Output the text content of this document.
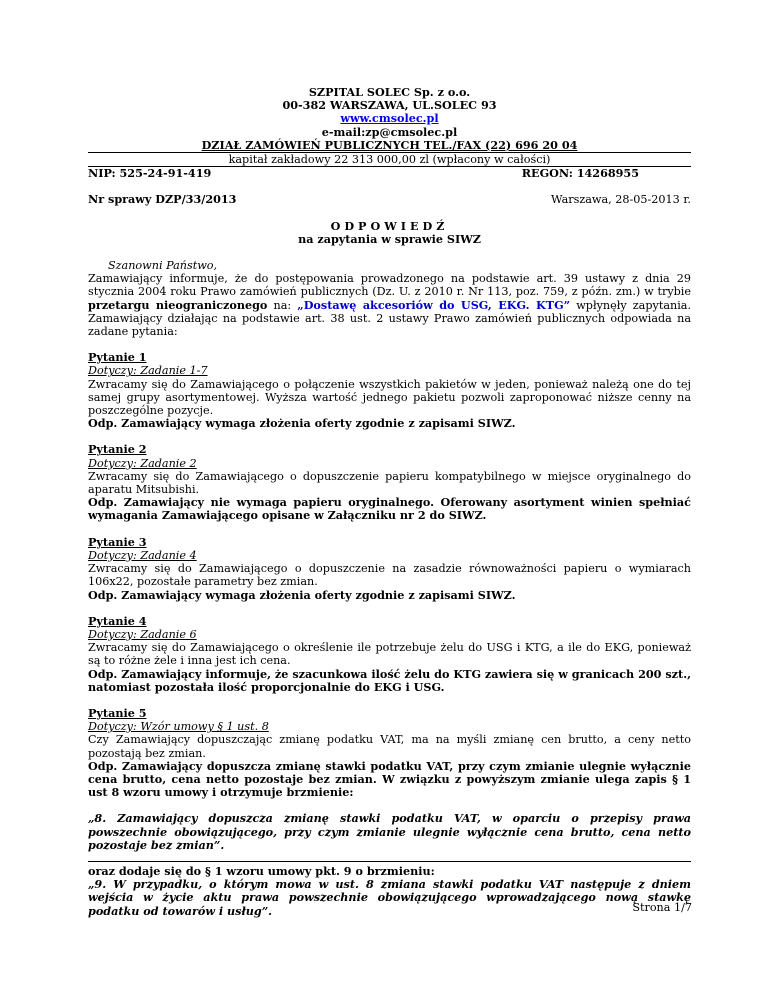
SZPITAL SOLEC Sp. z o.o.
00-382 WARSZAWA, UL.SOLEC 93
www.cmsolec.pl
e-mail:zp@cmsolec.pl
DZIAŁ ZAMÓWIEŃ PUBLICZNYCH TEL./FAX (22) 696 20 04
kapitał zakładowy 22 313 000,00 zl (wpłacony w całości)
NIP: 525-24-91-419	REGON: 14268955
Nr sprawy DZP/33/2013	Warszawa, 28-05-2013 r.
ODPOWIEDŹ
na zapytania w sprawie SIWZ
Szanowni Państwo,
Zamawiający informuje, że do postępowania prowadzonego na podstawie art. 39 ustawy z dnia 29 stycznia 2004 roku Prawo zamówień publicznych (Dz. U. z 2010 r. Nr 113, poz. 759, z późn. zm.) w trybie przetargu nieograniczonego na: „Dostawę akcesoriów do USG, EKG. KTG” wpłynęły zapytania. Zamawiający działając na podstawie art. 38 ust. 2 ustawy Prawo zamówień publicznych odpowiada na zadane pytania:
Pytanie 1
Dotyczy: Zadanie 1-7
Zwracamy się do Zamawiającego o połączenie wszystkich pakietów w jeden, ponieważ należą one do tej samej grupy asortymentowej. Wyższa wartość jednego pakietu pozwoli zaproponować niższe cenny na poszczególne pozycje.
Odp. Zamawiający wymaga złożenia oferty zgodnie z zapisami SIWZ.
Pytanie 2
Dotyczy: Zadanie 2
Zwracamy się do Zamawiającego o dopuszczenie papieru kompatybilnego w miejsce oryginalnego do aparatu Mitsubishi.
Odp. Zamawiający nie wymaga papieru oryginalnego. Oferowany asortyment winien spełniać wymagania Zamawiającego opisane w Załączniku nr 2 do SIWZ.
Pytanie 3
Dotyczy: Zadanie 4
Zwracamy się do Zamawiającego o dopuszczenie na zasadzie równoważności papieru o wymiarach 106x22, pozostałe parametry bez zmian.
Odp. Zamawiający wymaga złożenia oferty zgodnie z zapisami SIWZ.
Pytanie 4
Dotyczy: Zadanie 6
Zwracamy się do Zamawiającego o określenie ile potrzebuje żelu do USG i KTG, a ile do EKG, ponieważ są to różne żele i inna jest ich cena.
Odp. Zamawiający informuje, że szacunkowa ilość żelu do KTG zawiera się w granicach 200 szt., natomiast pozostała ilość proporcjonalnie do EKG i USG.
Pytanie 5
Dotyczy: Wzór umowy § 1 ust. 8
Czy Zamawiający dopuszczając zmianę podatku VAT, ma na myśli zmianę cen brutto, a ceny netto pozostają bez zmian.
Odp. Zamawiający dopuszcza zmianę stawki podatku VAT, przy czym zmianie ulegnie wyłącznie cena brutto, cena netto pozostaje bez zmian. W związku z powyższym zmianie ulega zapis § 1 ust 8 wzoru umowy i otrzymuje brzmienie:
„8. Zamawiający dopuszcza zmianę stawki podatku VAT, w oparciu o przepisy prawa powszechnie obowiązującego, przy czym zmianie ulegnie wyłącznie cena brutto, cena netto pozostaje bez zmian”.
oraz dodaje się do § 1 wzoru umowy pkt. 9 o brzmieniu:
„9. W przypadku, o którym mowa w ust. 8 zmiana stawki podatku VAT następuje z dniem wejścia w życie aktu prawa powszechnie obowiązującego wprowadzającego nową stawkę podatku od towarów i usług”.	Strona 1/7
